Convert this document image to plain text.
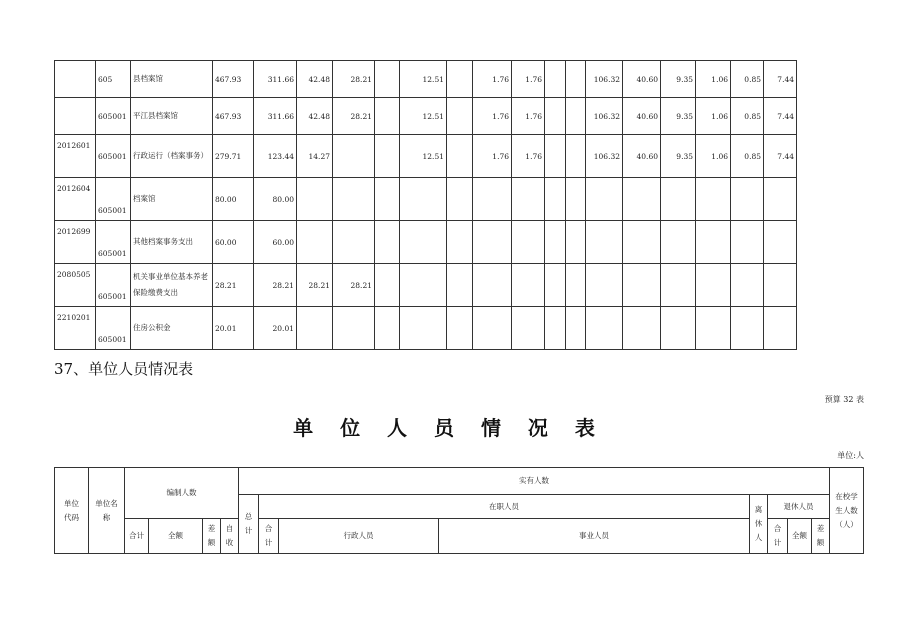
	605	县档案馆	467.93	311.66	42.48	28.21		12.51		1.76	1.76			106.32	40.60	9.35	1.06	0.85	7.44
	605001	平江县档案馆	467.93	311.66	42.48	28.21		12.51		1.76	1.76			106.32	40.60	9.35	1.06	0.85	7.44
2012601	605001	行政运行（档案事务）	279.71	123.44	14.27			12.51		1.76	1.76			106.32	40.60	9.35	1.06	0.85	7.44
2012604	605001	档案馆	80.00	80.00															
2012699	605001	其他档案事务支出	60.00	60.00															
2080505	605001	机关事业单位基本养老保险缴费支出	28.21	28.21	28.21	28.21													
2210201	605001	住房公积金	20.01	20.01															
37、单位人员情况表
预算 32 表
单 位 人 员 情 况 表
单位:人
单位代码	单位名称	编制人数				实有人数								在校学生人数（人）
						总计	在职人员			离休人	退休人员			
		合计	全额	差额	自收		合计	行政人员	事业人员		合计	全额	差额	
